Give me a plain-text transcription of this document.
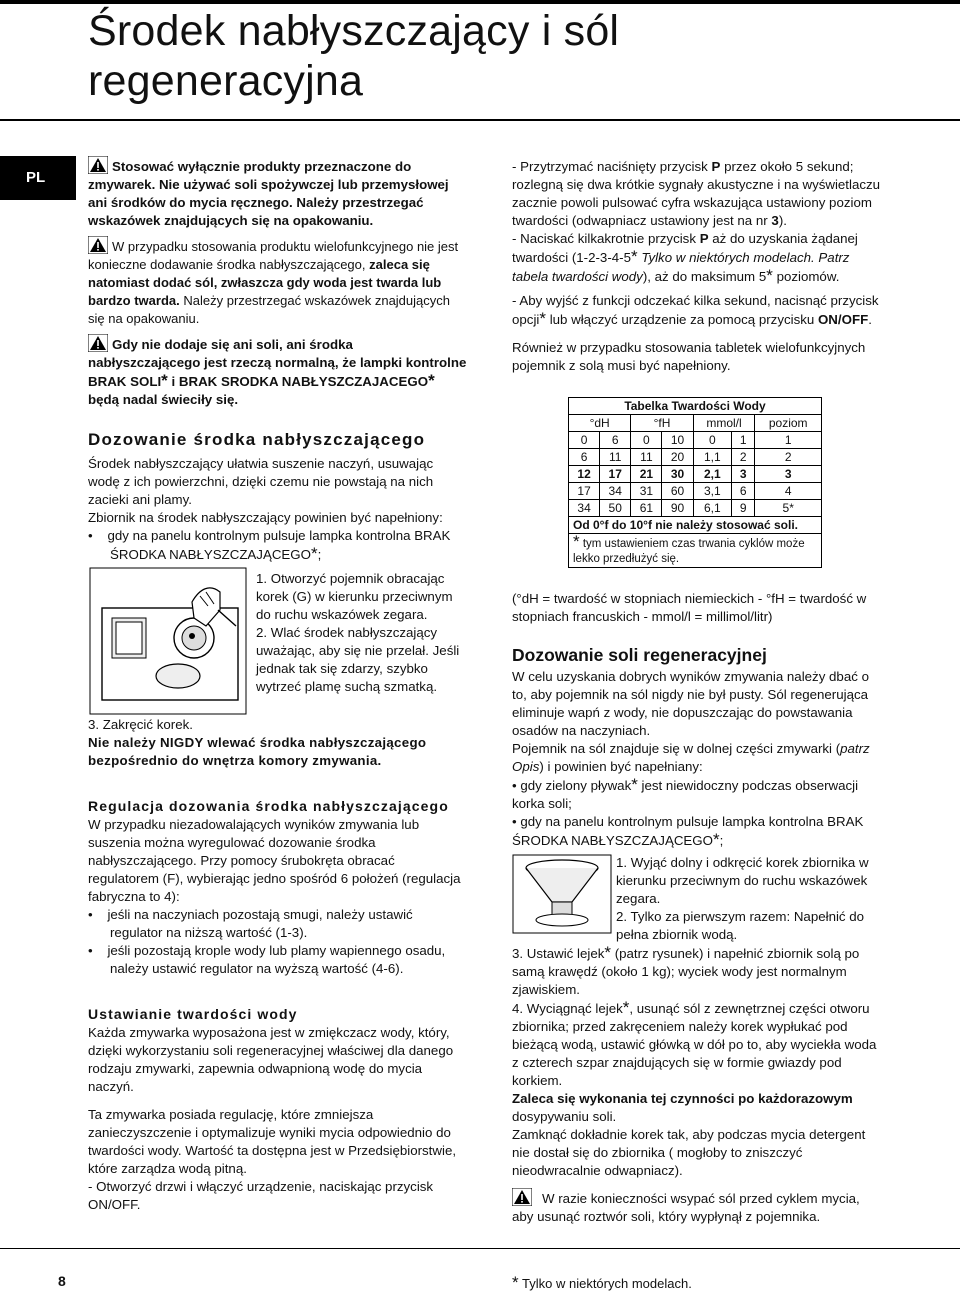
Środek nabłyszczający i sól
regeneracyjna
PL

Stosować wyłącznie produkty przeznaczone do zmywarek. Nie używać soli spożywczej lub przemysłowej ani środków do mycia ręcznego. Należy przestrzegać wskazówek znajdujących się na opakowaniu.

W przypadku stosowania produktu wielofunkcyjnego nie jest konieczne dodawanie środka nabłyszczającego, zaleca się natomiast dodać sól, zwłaszcza gdy woda jest twarda lub bardzo twarda. Należy przestrzegać wskazówek znajdujących się na opakowaniu.

Gdy nie dodaje się ani soli, ani środka nabłyszczającego jest rzeczą normalną, że lampki kontrolne BRAK SOLI* i BRAK SRODKA NABŁYSZCZAJACEGO* będą nadal świeciły się.

Dozowanie środka nabłyszczającego

Środek nabłyszczający ułatwia suszenie naczyń, usuwając wodę z ich powierzchni, dzięki czemu nie powstają na nich zacieki ani plamy.

Zbiornik na środek nabłyszczający powinien być napełniony:

•    gdy na panelu kontrolnym pulsuje lampka kontrolna BRAK ŚRODKA NABŁYSZCZAJĄCEGO*;

1. Otworzyć pojemnik obracając korek (G) w kierunku przeciwnym do ruchu wskazówek zegara.

2. Wlać środek nabłyszczający uważając, aby się nie przelał. Jeśli jednak tak się zdarzy, szybko wytrzeć plamę suchą szmatką.

3. Zakręcić korek.

Nie należy NIGDY wlewać środka nabłyszczającego bezpośrednio do wnętrza komory zmywania.

Regulacja dozowania środka nabłyszczającego

W przypadku niezadowalających wyników zmywania lub suszenia można wyregulować dozowanie środka nabłyszczającego. Przy pomocy śrubokręta obracać regulatorem (F), wybierając jedno spośród 6 położeń (regulacja fabryczna to 4):

•    jeśli na naczyniach pozostają smugi, należy ustawić regulator na niższą wartość (1-3).

•    jeśli pozostają krople wody lub plamy wapiennego osadu, należy ustawić regulator na wyższą wartość (4-6).

Ustawianie twardości wody

Każda zmywarka wyposażona jest w zmiękczacz wody, który, dzięki wykorzystaniu soli regeneracyjnej właściwej dla danego rodzaju zmywarki, zapewnia odwapnioną wodę do mycia naczyń.

Ta zmywarka posiada regulację, które zmniejsza zanieczyszczenie i optymalizuje wyniki mycia odpowiednio do twardości wody. Wartość ta dostępna jest w Przedsiębiorstwie, które zarządza wodą pitną.

- Otworzyć drzwi i włączyć urządzenie, naciskając przycisk ON/OFF.

- Przytrzymać naciśnięty przycisk P przez około 5 sekund; rozlegną się dwa krótkie sygnały akustyczne i na wyświetlaczu zacznie powoli pulsować cyfra wskazująca ustawiony poziom twardości (odwapniacz ustawiony jest na nr 3).

- Naciskać kilkakrotnie przycisk P aż do uzyskania żądanej twardości (1-2-3-4-5* Tylko w niektórych modelach. Patrz tabela twardości wody), aż do maksimum 5* poziomów.

- Aby wyjść z funkcji odczekać kilka sekund, nacisnąć przycisk opcji* lub włączyć urządzenie za pomocą przycisku ON/OFF.

Również w przypadku stosowania tabletek wielofunkcyjnych pojemnik z solą musi być napełniony.

Tabelka Twardości Wody						
°dH		°fH		mmol/l		poziom
0	6	0	10	0	1	1
6	11	11	20	1,1	2	2
12	17	21	30	2,1	3	3
17	34	31	60	3,1	6	4
34	50	61	90	6,1	9	5*
Od 0°f do 10°f nie należy stosować soli.						
* tym ustawieniem czas trwania cyklów może lekko przedłużyć się.						

(°dH = twardość w stopniach niemieckich - °fH = twardość w stopniach francuskich - mmol/l = millimol/litr)

Dozowanie soli regeneracyjnej

W celu uzyskania dobrych wyników zmywania należy dbać o to, aby pojemnik na sól nigdy nie był pusty. Sól regenerująca eliminuje wapń z wody, nie dopuszczając do powstawania osadów na naczyniach.

Pojemnik na sól znajduje się w dolnej części zmywarki (patrz Opis) i powinien być napełniany:

• gdy zielony pływak* jest niewidoczny podczas obserwacji korka soli;

• gdy na panelu kontrolnym pulsuje lampka kontrolna BRAK ŚRODKA NABŁYSZCZAJĄCEGO*;

1. Wyjąć dolny i odkręcić korek zbiornika w kierunku przeciwnym do ruchu wskazówek zegara.

2. Tylko za pierwszym razem: Napełnić do pełna zbiornik wodą.

3. Ustawić lejek* (patrz rysunek) i napełnić zbiornik solą po samą krawędź (około 1 kg); wyciek wody jest normalnym zjawiskiem.

4. Wyciągnąć lejek*, usunąć sól z zewnętrznej części otworu zbiornika; przed zakręceniem należy korek wypłukać pod bieżącą wodą, ustawić główką w dół po to, aby wyciekła woda z czterech szpar znajdujących się w formie gwiazdy pod korkiem.

Zaleca się wykonania tej czynności po każdorazowym

dosypywaniu soli.

Zamknąć dokładnie korek tak, aby podczas mycia detergent nie dostał się do zbiornika ( mogłoby to zniszczyć nieodwracalnie odwapniacz).

W razie konieczności wsypać sól przed cyklem mycia, aby usunąć roztwór soli, który wypłynął z pojemnika.

8	* Tylko w niektórych modelach.
